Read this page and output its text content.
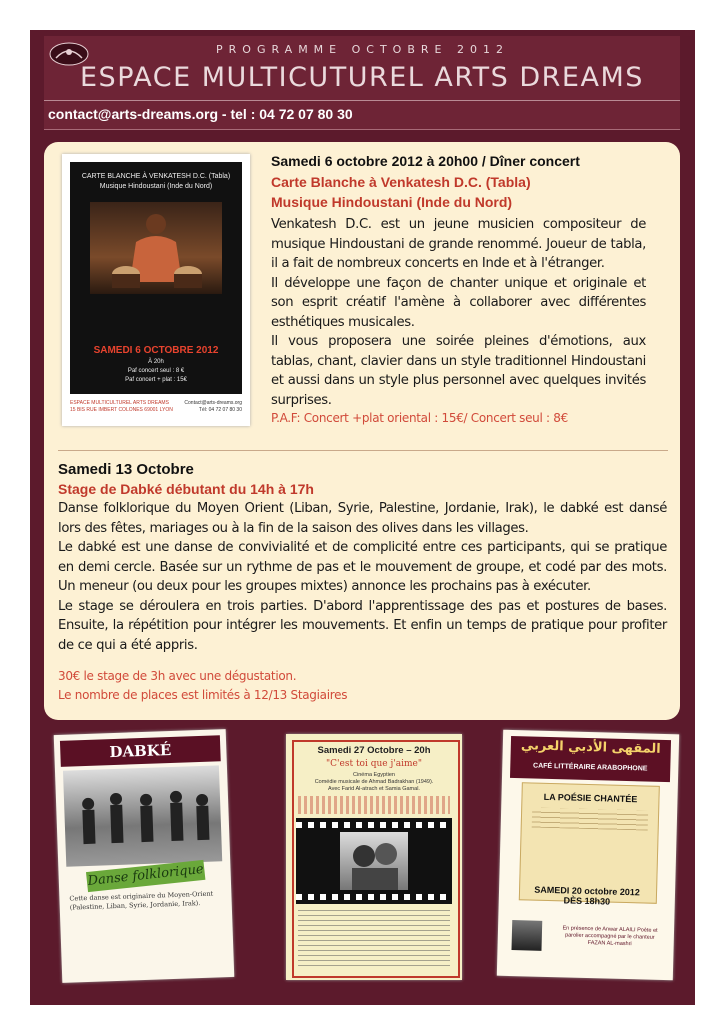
PROGRAMME OCTOBRE 2012
ESPACE MULTICUTUREL ARTS DREAMS
contact@arts-dreams.org - tel : 04 72 07 80 30
CARTE BLANCHE À VENKATESH D.C. (Tabla)
Musique Hindoustani (Inde du Nord)
SAMEDI 6 OCTOBRE 2012
À 20h
Paf concert seul : 8 €
Paf concert + plat : 15€
ESPACE MULTICULTUREL ARTS DREAMS	Contact@arts-dreams.org
15 BIS RUE IMBERT COLONES 69001 LYON	Tél: 04 72 07 80 30
Samedi 6 octobre 2012 à 20h00 / Dîner concert
Carte Blanche à Venkatesh D.C. (Tabla)
Musique Hindoustani (Inde du Nord)
Venkatesh D.C. est un jeune musicien compositeur de musique Hindoustani de grande renommé. Joueur de tabla, il a fait de nombreux concerts en Inde et à l'étranger.
Il développe une façon de chanter unique et originale et son esprit créatif l'amène à collaborer avec différentes esthétiques musicales.
Il vous proposera une soirée pleines d'émotions, aux tablas, chant, clavier dans un style traditionnel Hindoustani et aussi dans un style plus personnel avec quelques invités surprises.
P.A.F: Concert +plat oriental : 15€/ Concert seul : 8€
Samedi 13 Octobre
Stage de Dabké débutant du 14h à 17h
Danse folklorique du Moyen Orient (Liban, Syrie, Palestine, Jordanie, Irak), le dabké est dansé lors des fêtes, mariages ou à la fin de la saison des olives dans les villages.
Le dabké est une danse de convivialité et de complicité entre ces participants, qui se pratique en demi cercle. Basée sur un rythme de pas et le mouvement de groupe, et codé par des mots. Un meneur (ou deux pour les groupes mixtes) annonce les prochains pas à exécuter.
Le stage se déroulera en trois parties. D'abord l'apprentissage des pas et postures de bases. Ensuite, la répétition pour intégrer les mouvements. Et enfin un temps de pratique pour profiter de ce qui a été appris.
30€ le stage de 3h avec une dégustation.
Le nombre de places est limités à 12/13 Stagiaires
DABKÉ
Danse folklorique
Cette danse est originaire du Moyen-Orient (Palestine, Liban, Syrie, Jordanie, Irak).
Samedi 27 Octobre – 20h
"C'est toi que j'aime"
Cinéma Egyptien
Comédie musicale de Ahmad Badrakhan (1949).
Avec Farid Al-atrach et Samia Gamal.
المقهى الأدبي العربي
CAFÉ LITTÉRAIRE ARABOPHONE
LA POÉSIE CHANTÉE
SAMEDI 20 octobre 2012
DÈS 18h30
En présence de Anwar ALAILI Poète et parolier accompagné par le chanteur FAZAN AL-mashri
